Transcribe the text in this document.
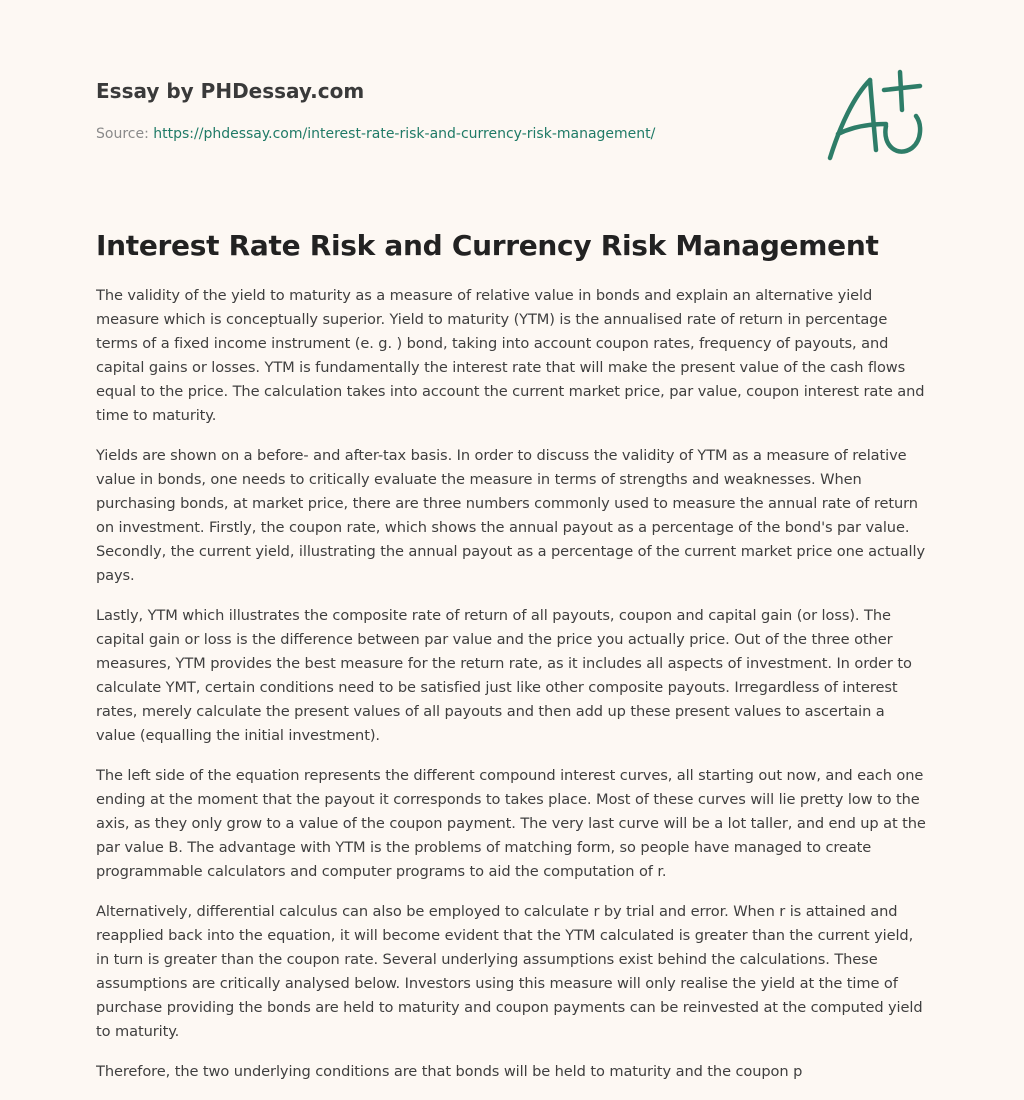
Essay by PHDessay.com
Source: https://phdessay.com/interest-rate-risk-and-currency-risk-management/
Interest Rate Risk and Currency Risk Management

The validity of the yield to maturity as a measure of relative value in bonds and explain an alternative yield measure which is conceptually superior. Yield to maturity (YTM) is the annualised rate of return in percentage terms of a fixed income instrument (e. g. ) bond, taking into account coupon rates, frequency of payouts, and capital gains or losses. YTM is fundamentally the interest rate that will make the present value of the cash flows equal to the price. The calculation takes into account the current market price, par value, coupon interest rate and time to maturity.

Yields are shown on a before- and after-tax basis. In order to discuss the validity of YTM as a measure of relative value in bonds, one needs to critically evaluate the measure in terms of strengths and weaknesses. When purchasing bonds, at market price, there are three numbers commonly used to measure the annual rate of return on investment. Firstly, the coupon rate, which shows the annual payout as a percentage of the bond's par value. Secondly, the current yield, illustrating the annual payout as a percentage of the current market price one actually pays.

Lastly, YTM which illustrates the composite rate of return of all payouts, coupon and capital gain (or loss). The capital gain or loss is the difference between par value and the price you actually price. Out of the three other measures, YTM provides the best measure for the return rate, as it includes all aspects of investment. In order to calculate YMT, certain conditions need to be satisfied just like other composite payouts. Irregardless of interest rates, merely calculate the present values of all payouts and then add up these present values to ascertain a value (equalling the initial investment).

The left side of the equation represents the different compound interest curves, all starting out now, and each one ending at the moment that the payout it corresponds to takes place. Most of these curves will lie pretty low to the axis, as they only grow to a value of the coupon payment. The very last curve will be a lot taller, and end up at the par value B. The advantage with YTM is the problems of matching form, so people have managed to create programmable calculators and computer programs to aid the computation of r.

Alternatively, differential calculus can also be employed to calculate r by trial and error. When r is attained and reapplied back into the equation, it will become evident that the YTM calculated is greater than the current yield, in turn is greater than the coupon rate. Several underlying assumptions exist behind the calculations. These assumptions are critically analysed below. Investors using this measure will only realise the yield at the time of purchase providing the bonds are held to maturity and coupon payments can be reinvested at the computed yield to maturity.

Therefore, the two underlying conditions are that bonds will be held to maturity and the coupon p
